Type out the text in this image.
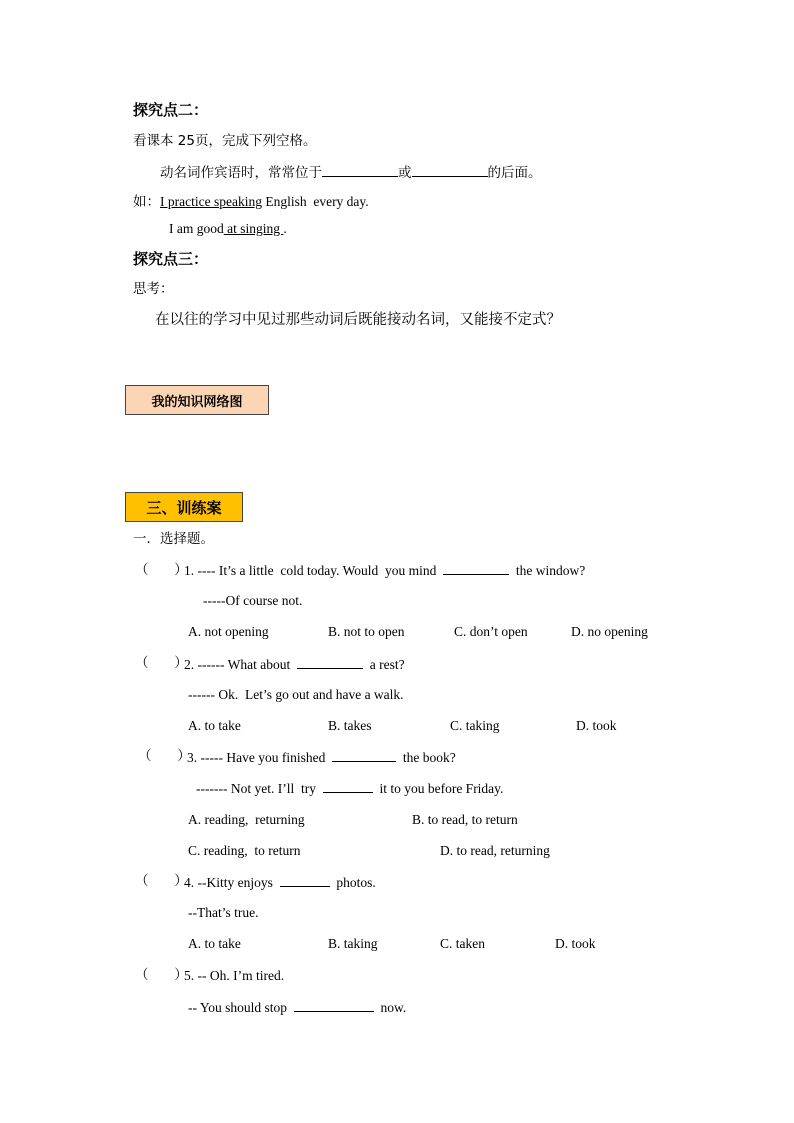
探究点二：
看课本 25页，完成下列空格。
动名词作宾语时，常常位于	或	的后面。
如：I practice speaking English  every day.
I am good at singing .
探究点三：
思考：
在以往的学习中见过那些动词后既能接动名词，又能接不定式？
我的知识网络图
三、训练案
一．选择题。
（      ）
1. ---- It’s a little  cold today. Would  you mind	the window?
-----Of course not.
A. not opening	B. not to open	C. don’t open	D. no opening
（      ）
2. ------ What about	a rest?
------ Ok.  Let’s go out and have a walk.
A. to take	B. takes	C. taking	D. took
（      ）
3. ----- Have you finished	the book?
------- Not yet. I’ll  try	it to you before Friday.
A. reading,  returning	B. to read, to return
C. reading,  to return	D. to read, returning
（      ）
4. --Kitty enjoys	photos.
--That’s true.
A. to take	B. taking	C. taken	D. took
（      ）
5. -- Oh. I’m tired.
-- You should stop	now.
